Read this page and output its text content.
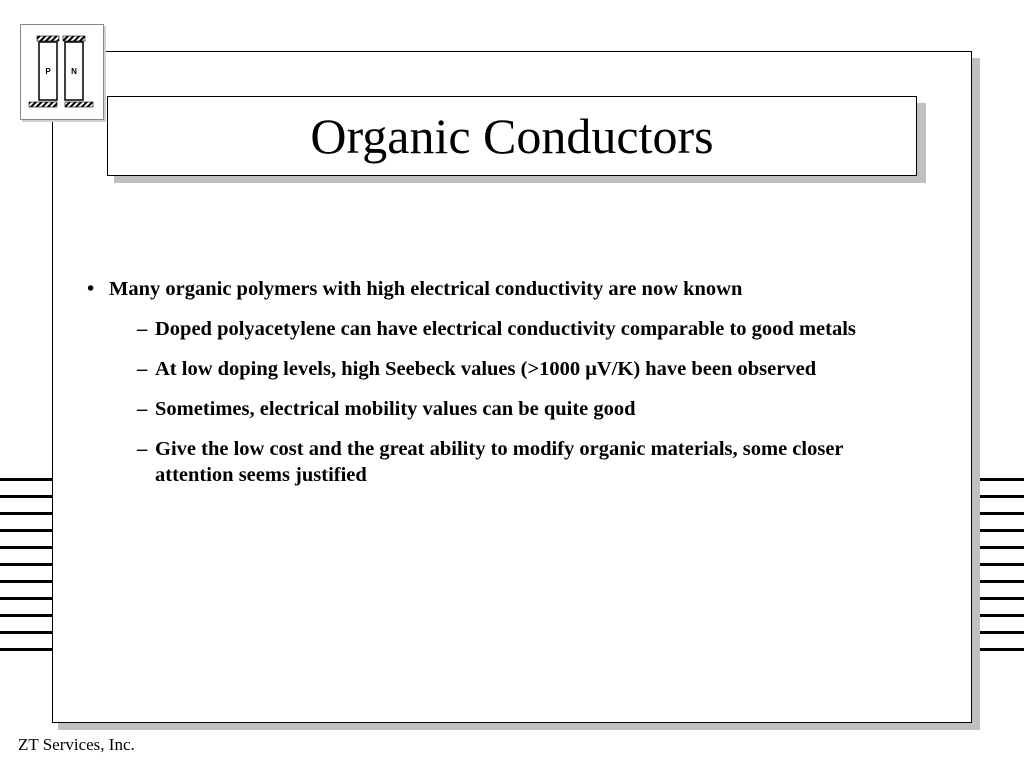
P	N
Organic Conductors
• Many organic polymers with high electrical conductivity are now known
– Doped polyacetylene can have electrical conductivity comparable to good metals
– At low doping levels, high Seebeck values (>1000 μV/K) have been observed
– Sometimes, electrical mobility values can be quite good
– Give the low cost and the great ability to modify organic materials, some closer attention seems justified
ZT Services, Inc.
